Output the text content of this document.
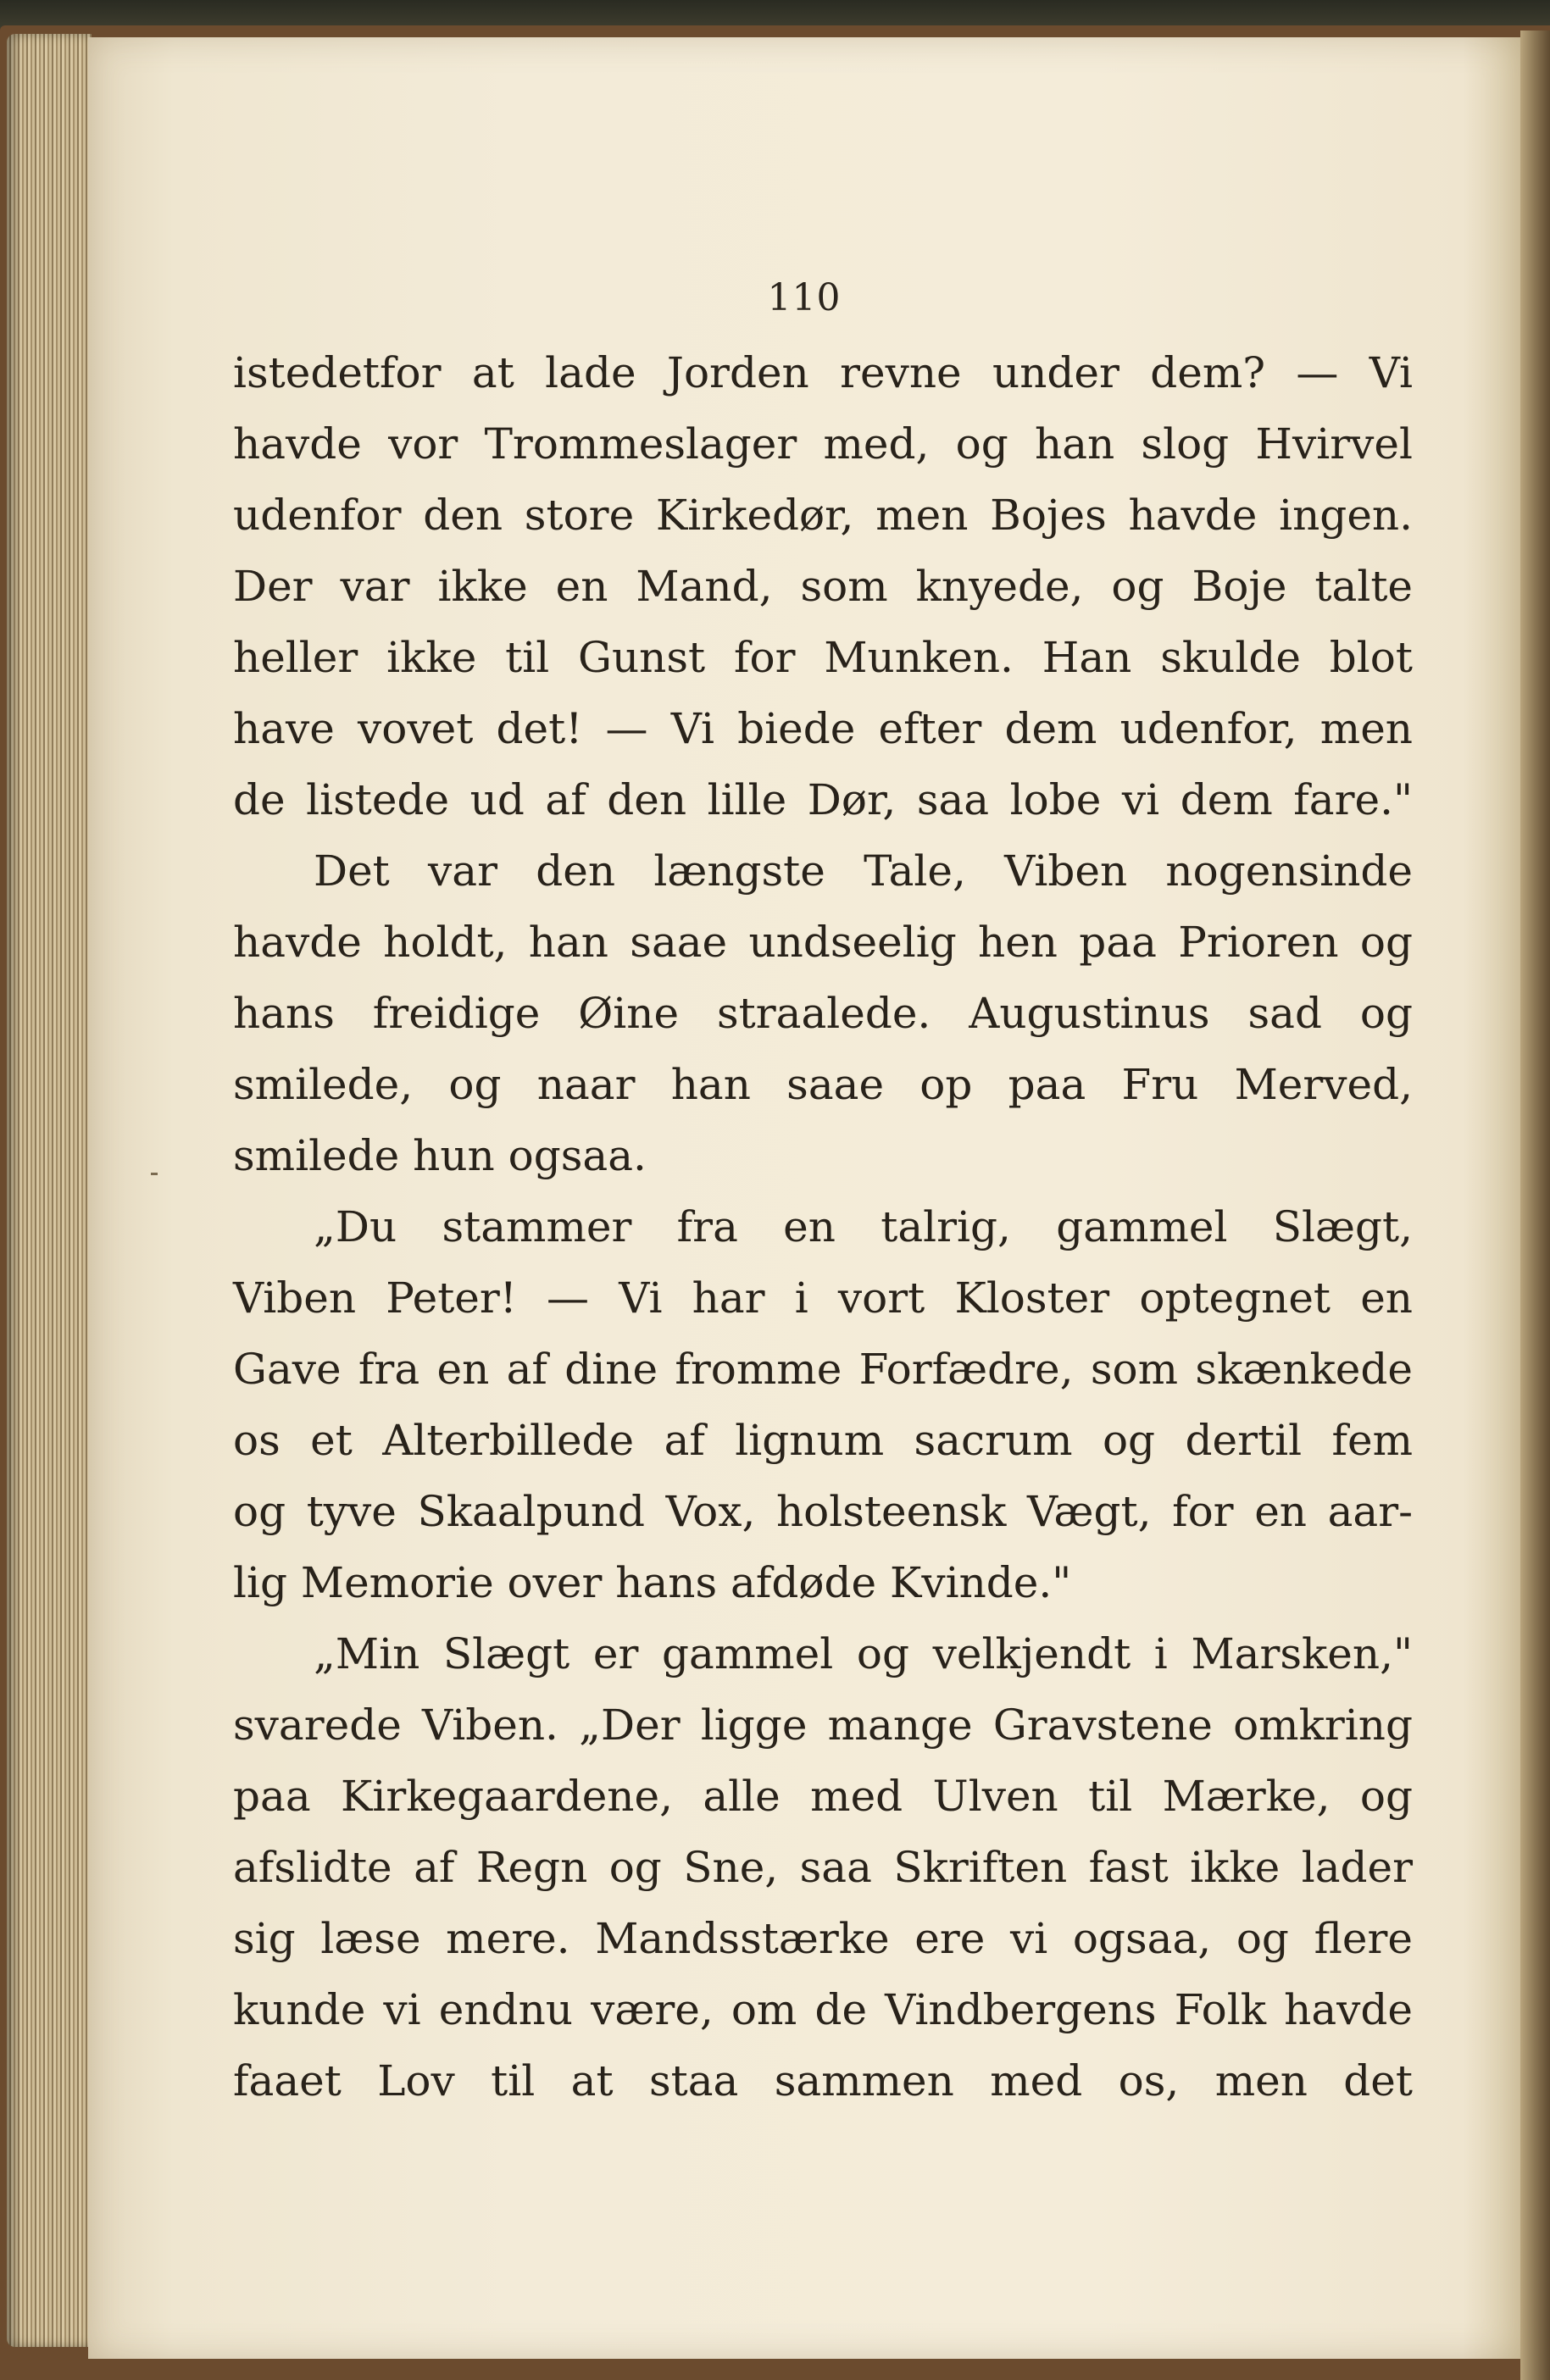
110
istedetfor at lade Jorden revne under dem? — Vi
havde vor Trommeslager med, og han slog Hvirvel
udenfor den store Kirkedør, men Bojes havde ingen.
Der var ikke en Mand, som knyede, og Boje talte
heller ikke til Gunst for Munken. Han skulde blot
have vovet det! — Vi biede efter dem udenfor, men
de listede ud af den lille Dør, saa lobe vi dem fare."
Det var den længste Tale, Viben nogensinde
havde holdt, han saae undseelig hen paa Prioren og
hans freidige Øine straalede. Augustinus sad og
smilede, og naar han saae op paa Fru Merved,
smilede hun ogsaa.
„Du stammer fra en talrig, gammel Slægt,
Viben Peter! — Vi har i vort Kloster optegnet en
Gave fra en af dine fromme Forfædre, som skænkede
os et Alterbillede af lignum sacrum og dertil fem
og tyve Skaalpund Vox, holsteensk Vægt, for en aar-
lig Memorie over hans afdøde Kvinde."
„Min Slægt er gammel og velkjendt i Marsken,"
svarede Viben. „Der ligge mange Gravstene omkring
paa Kirkegaardene, alle med Ulven til Mærke, og
afslidte af Regn og Sne, saa Skriften fast ikke lader
sig læse mere. Mandsstærke ere vi ogsaa, og flere
kunde vi endnu være, om de Vindbergens Folk havde
faaet Lov til at staa sammen med os, men det
